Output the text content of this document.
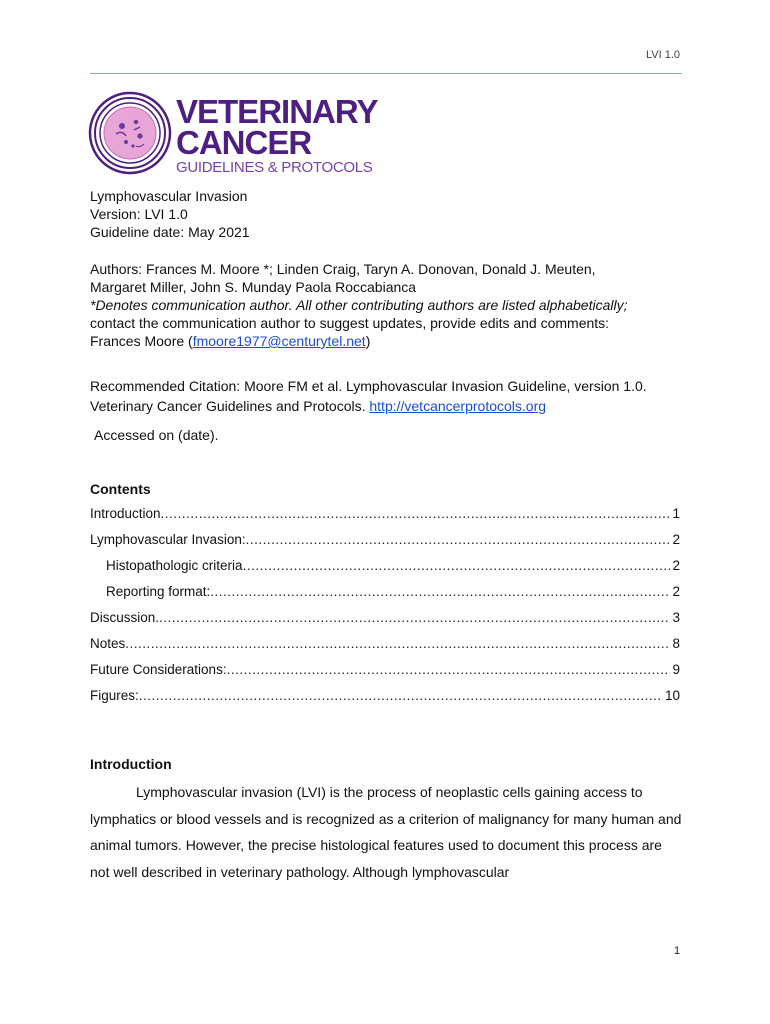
LVI 1.0
VETERINARY
CANCER
GUIDELINES & PROTOCOLS
Lymphovascular Invasion
Version: LVI 1.0
Guideline date: May 2021
Authors: Frances M. Moore *; Linden Craig, Taryn A. Donovan, Donald J. Meuten,
Margaret Miller, John S. Munday Paola Roccabianca
*Denotes communication author. All other contributing authors are listed alphabetically;
contact the communication author to suggest updates, provide edits and comments:
Frances Moore (fmoore1977@centurytel.net)
Recommended Citation: Moore FM et al. Lymphovascular Invasion Guideline, version 1.0. Veterinary Cancer Guidelines and Protocols. http://vetcancerprotocols.org
Accessed on (date).
Contents
Introduction .....	1
Lymphovascular Invasion: .....	2
Histopathologic criteria .....	2
Reporting format: .....	2
Discussion. .....	3
Notes .....	8
Future Considerations: .....	9
Figures: .....	10
Introduction

Lymphovascular invasion (LVI) is the process of neoplastic cells gaining access to lymphatics or blood vessels and is recognized as a criterion of malignancy for many human and animal tumors. However, the precise histological features used to document this process are not well described in veterinary pathology. Although lymphovascular

1
